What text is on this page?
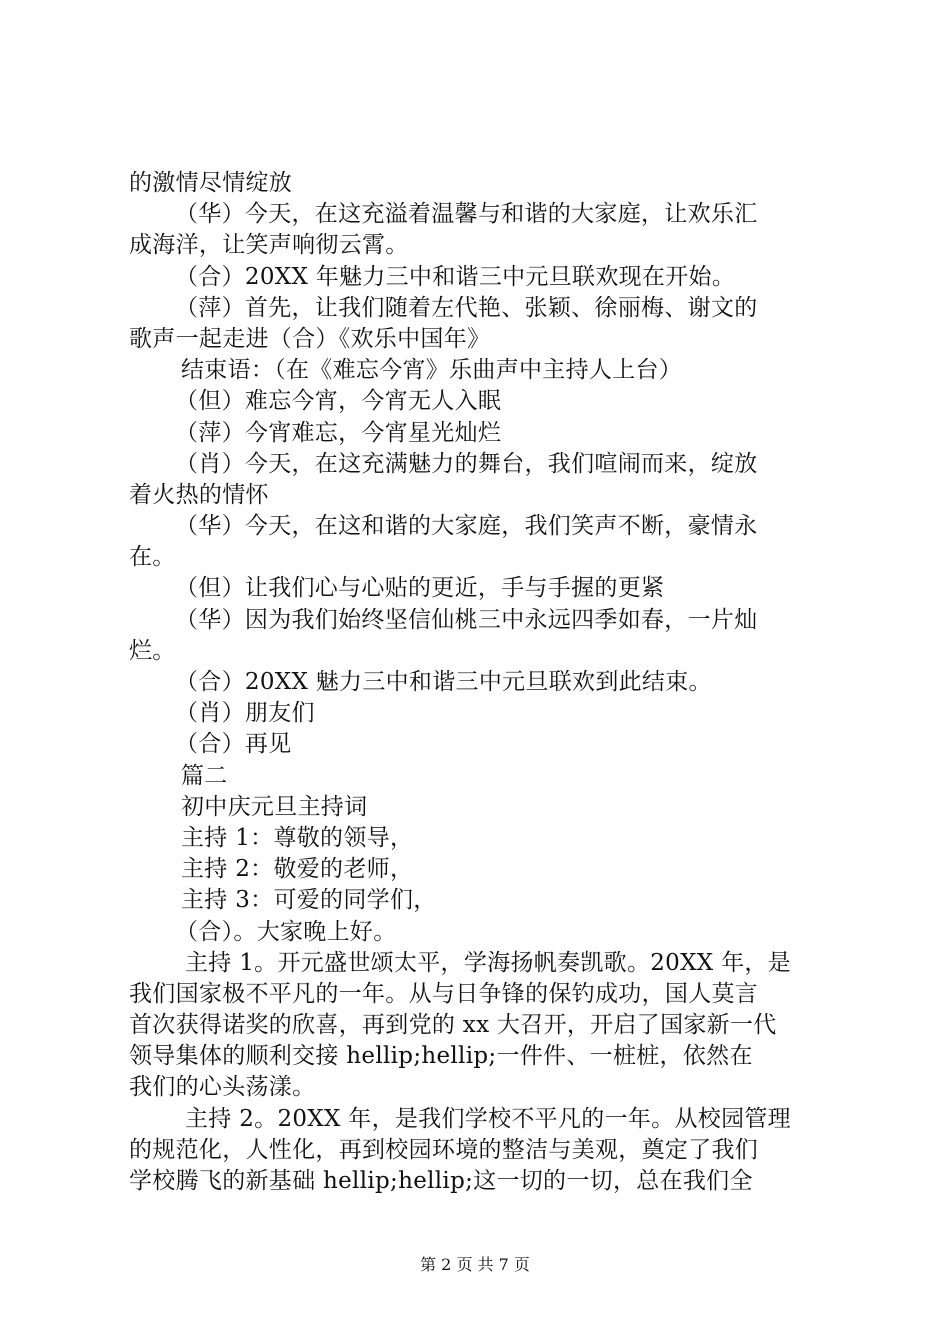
的激情尽情绽放
（华）今天，在这充溢着温馨与和谐的大家庭，让欢乐汇
成海洋，让笑声响彻云霄。
（合）20XX 年魅力三中和谐三中元旦联欢现在开始。
（萍）首先，让我们随着左代艳、张颖、徐丽梅、谢文的
歌声一起走进（合）《欢乐中国年》
结束语：（在《难忘今宵》乐曲声中主持人上台）
（但）难忘今宵，今宵无人入眠
（萍）今宵难忘，今宵星光灿烂
（肖）今天，在这充满魅力的舞台，我们喧闹而来，绽放
着火热的情怀
（华）今天，在这和谐的大家庭，我们笑声不断，豪情永
在。
（但）让我们心与心贴的更近，手与手握的更紧
（华）因为我们始终坚信仙桃三中永远四季如春，一片灿
烂。
（合）20XX 魅力三中和谐三中元旦联欢到此结束。
（肖）朋友们
（合）再见
篇二
初中庆元旦主持词
主持 1：尊敬的领导，
主持 2：敬爱的老师，
主持 3：可爱的同学们，
（合）。大家晚上好。
主持 1。开元盛世颂太平，学海扬帆奏凯歌。20XX 年，是
我们国家极不平凡的一年。从与日争锋的保钓成功，国人莫言
首次获得诺奖的欣喜，再到党的 xx 大召开，开启了国家新一代
领导集体的顺利交接 hellip;hellip;一件件、一桩桩，依然在
我们的心头荡漾。
主持 2。20XX 年，是我们学校不平凡的一年。从校园管理
的规范化，人性化，再到校园环境的整洁与美观，奠定了我们
学校腾飞的新基础 hellip;hellip;这一切的一切，总在我们全
第 2 页 共 7 页
